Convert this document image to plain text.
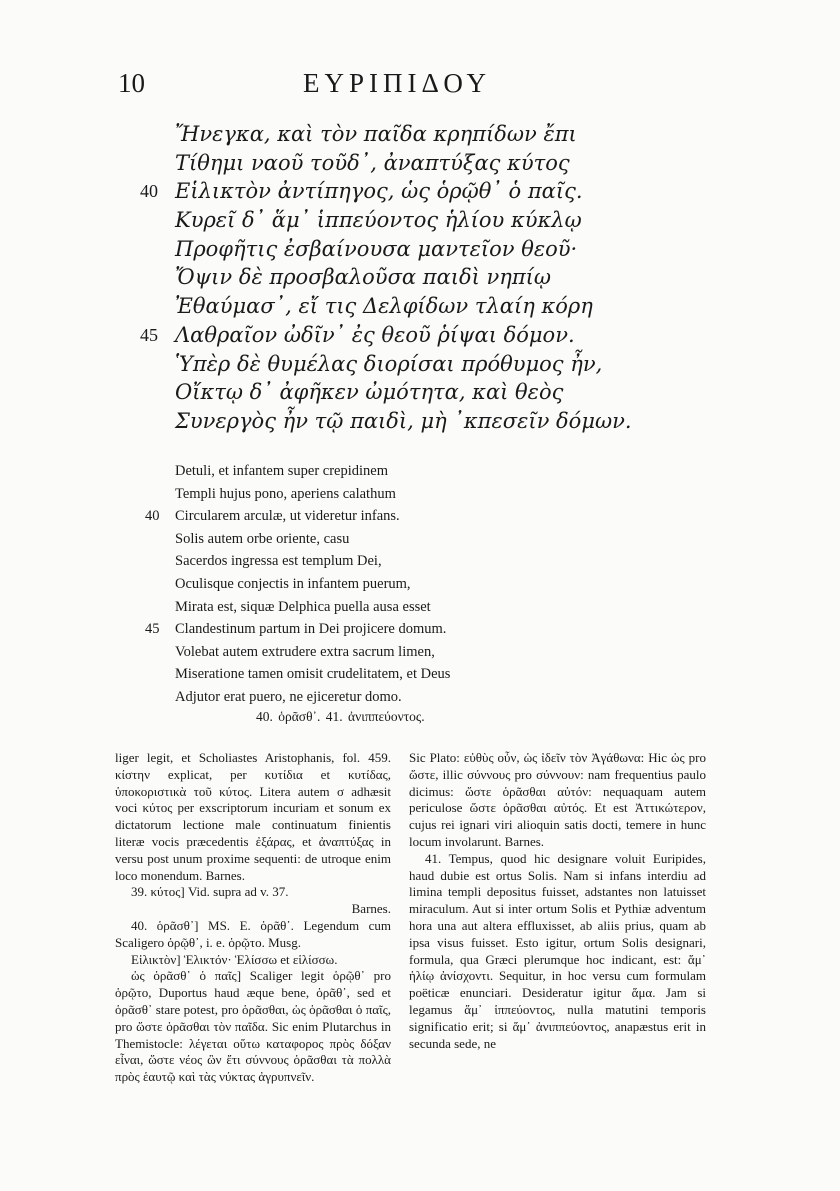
10	ΕΥΡΙΠΙΔΟΥ
Ἤνεγκα, καὶ τὸν παῖδα κρηπίδων ἔπι
Τίθημι ναοῦ τοῦδ᾽, ἀναπτύξας κύτος
40 Εἱλικτὸν ἀντίπηγος, ὡς ὁρῷθ᾽ ὁ παῖς.
Κυρεῖ δ᾽ ἅμ᾽ ἱππεύοντος ἡλίου κύκλῳ
Προφῆτις ἐσβαίνουσα μαντεῖον θεοῦ·
Ὄψιν δὲ προσβαλοῦσα παιδὶ νηπίῳ
Ἐθαύμασ᾽, εἴ τις Δελφίδων τλαίη κόρη
45 Λαθραῖον ὠδῖν᾽ ἐς θεοῦ ῥίψαι δόμον.
Ὑπὲρ δὲ θυμέλας διορίσαι πρόθυμος ἦν,
Οἴκτῳ δ᾽ ἀφῆκεν ὠμότητα, καὶ θεὸς
Συνεργὸς ἦν τῷ παιδὶ, μὴ ᾽κπεσεῖν δόμων.
Detuli, et infantem super crepidinem
Templi hujus pono, aperiens calathum
40	Circularem arculæ, ut videretur infans.
Solis autem orbe oriente, casu
Sacerdos ingressa est templum Dei,
Oculisque conjectis in infantem puerum,
Mirata est, siquæ Delphica puella ausa esset
45	Clandestinum partum in Dei projicere domum.
Volebat autem extrudere extra sacrum limen,
Miseratione tamen omisit crudelitatem, et Deus
Adjutor erat puero, ne ejiceretur domo.
40. ὁρᾶσθ᾽. 41. ἀνιππεύοντος.

liger legit, et Scholiastes Aristophanis, fol. 459. κίστην explicat, per κυτίδια et κυτίδας, ὑποκοριστικὰ τοῦ κύτος. Litera autem σ adhæsit voci κύτος per exscriptorum incuriam et sonum ex dictatorum lectione male continuatum finientis literæ vocis præcedentis ἐξάρας, et ἀναπτύξας in versu post unum proxime sequenti: de utroque enim loco monendum. Barnes.

39. κύτος] Vid. supra ad v. 37.

Barnes.

40. ὁρᾶσθ᾽] MS. E. ὁρᾶθ᾽. Legendum cum Scaligero ὁρῷθ᾽, i. e. ὁρῷτο. Musg.

Εἱλικτὸν] Ἑλικτόν· Ἑλίσσω et εἱλίσσω.

ὡς ὁρᾶσθ᾽ ὁ παῖς] Scaliger legit ὁρῷθ᾽ pro ὁρῷτο, Duportus haud æque bene, ὁρᾶθ᾽, sed et ὁρᾶσθ᾽ stare potest, pro ὁρᾶσθαι, ὡς ὁρᾶσθαι ὁ παῖς, pro ὥστε ὁρᾶσθαι τὸν παῖδα. Sic enim Plutarchus in Themistocle: λέγεται οὕτω καταφορος πρὸς δόξαν εἶναι, ὥστε νέος ὢν ἔτι σύννους ὁρᾶσθαι τὰ πολλὰ πρὸς ἑαυτῷ καὶ τὰς νύκτας ἀγρυπνεῖν.

Sic Plato: εὐθὺς οὖν, ὡς ἰδεῖν τὸν Ἀγάθωνα: Hic ὡς pro ὥστε, illic σύννους pro σύννουν: nam frequentius paulo dicimus: ὥστε ὁρᾶσθαι αὐτόν: nequaquam autem periculose ὥστε ὁρᾶσθαι αὐτός. Et est Ἀττικώτερον, cujus rei ignari viri alioquin satis docti, temere in hunc locum involarunt. Barnes.

41. Tempus, quod hic designare voluit Euripides, haud dubie est ortus Solis. Nam si infans interdiu ad limina templi depositus fuisset, adstantes non latuisset miraculum. Aut si inter ortum Solis et Pythiæ adventum hora una aut altera effluxisset, ab aliis prius, quam ab ipsa visus fuisset. Esto igitur, ortum Solis designari, formula, qua Græci plerumque hoc indicant, est: ἅμ᾽ ἡλίῳ ἀνίσχοντι. Sequitur, in hoc versu cum formulam poëticæ enunciari. Desideratur igitur ἅμα. Jam si legamus ἅμ᾽ ἱππεύοντος, nulla matutini temporis significatio erit; si ἅμ᾽ ἀνιππεύοντος, anapæstus erit in secunda sede, ne
